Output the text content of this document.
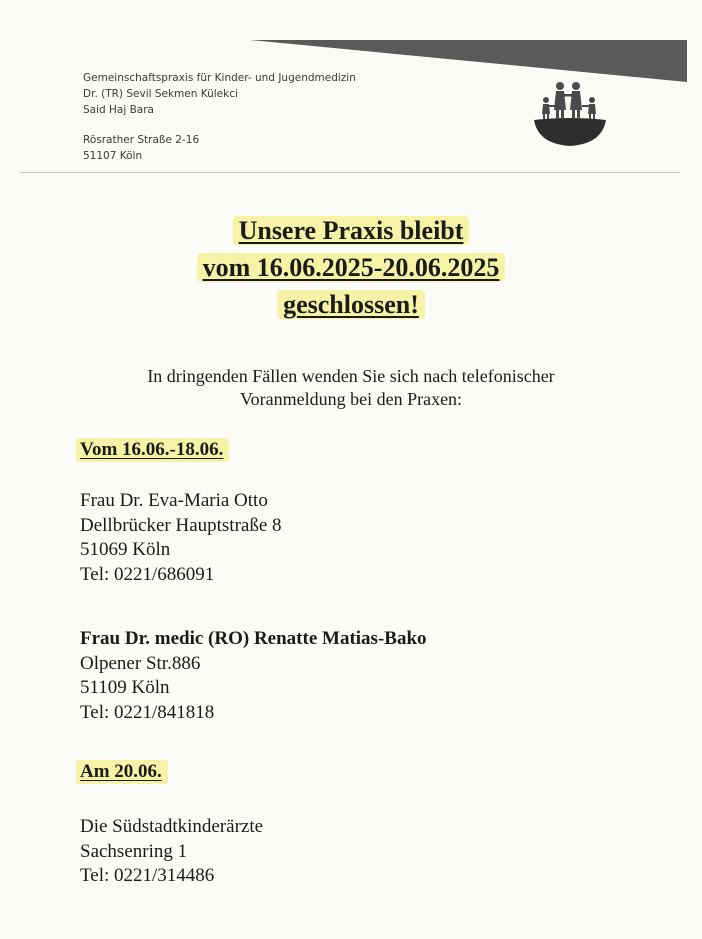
Gemeinschaftspraxis für Kinder- und Jugendmedizin
Dr. (TR) Sevil Sekmen Külekci
Said Haj Bara
Rösrather Straße 2-16
51107 Köln
Unsere Praxis bleibt
vom 16.06.2025-20.06.2025
geschlossen!
In dringenden Fällen wenden Sie sich nach telefonischer
Voranmeldung bei den Praxen:
Vom 16.06.-18.06.
Frau Dr. Eva-Maria Otto
Dellbrücker Hauptstraße 8
51069 Köln
Tel: 0221/686091
Frau Dr. medic (RO) Renatte Matias-Bako
Olpener Str.886
51109 Köln
Tel: 0221/841818
Am 20.06.
Die Südstadtkinderärzte
Sachsenring 1
Tel: 0221/314486
